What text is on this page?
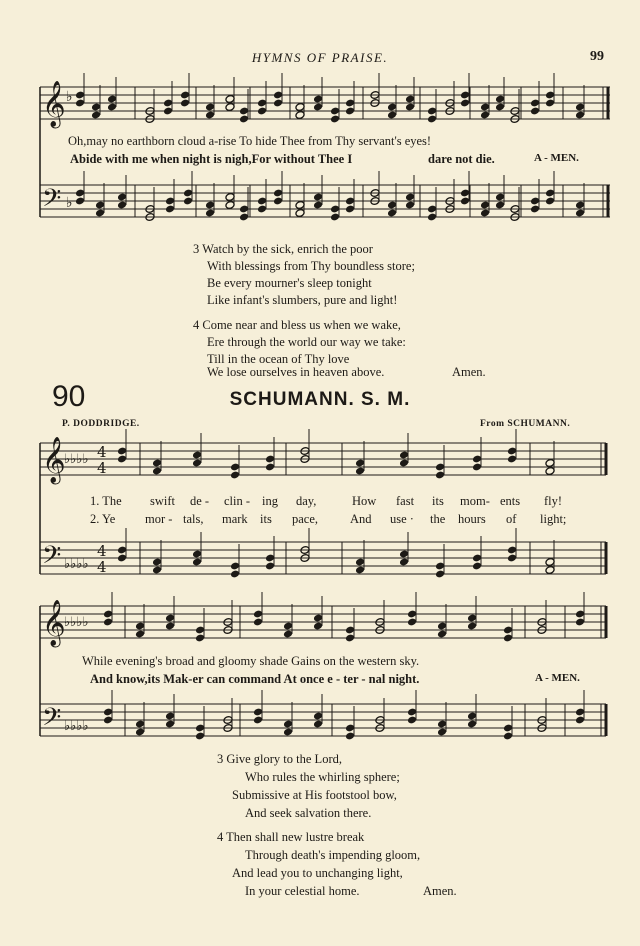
HYMNS OF PRAISE.	99
𝄞
𝄢
♭
♭
𝄞
𝄢
♭♭♭♭
♭♭♭♭
4
4
4
4
𝄞
𝄢
♭♭♭♭
♭♭♭♭
Oh,may no earthborn cloud a-rise To hide Thee from Thy servant's eyes!
Abide with me when night is nigh,For without Thee I	dare not die.	A - MEN.
3 Watch by the sick, enrich the poor
With blessings from Thy boundless store;
Be every mourner's sleep tonight
Like infant's slumbers, pure and light!
4 Come near and bless us when we wake,
Ere through the world our way we take:
Till in the ocean of Thy love
We lose ourselves in heaven above.	Amen.
90	SCHUMANN. S. M.
P. DODDRIDGE.	From SCHUMANN.
1. The swift de - clin - ing day,	How fast its mom- ents fly!
2. Ye mor - tals, mark its pace,	And use · the hours of light;
While evening's broad and gloomy shade Gains on the western sky.
And know,its Mak-er can command At once e - ter - nal night.	A - MEN.
3 Give glory to the Lord,
Who rules the whirling sphere;
Submissive at His footstool bow,
And seek salvation there.
4 Then shall new lustre break
Through death's impending gloom,
And lead you to unchanging light,
In your celestial home.	Amen.
